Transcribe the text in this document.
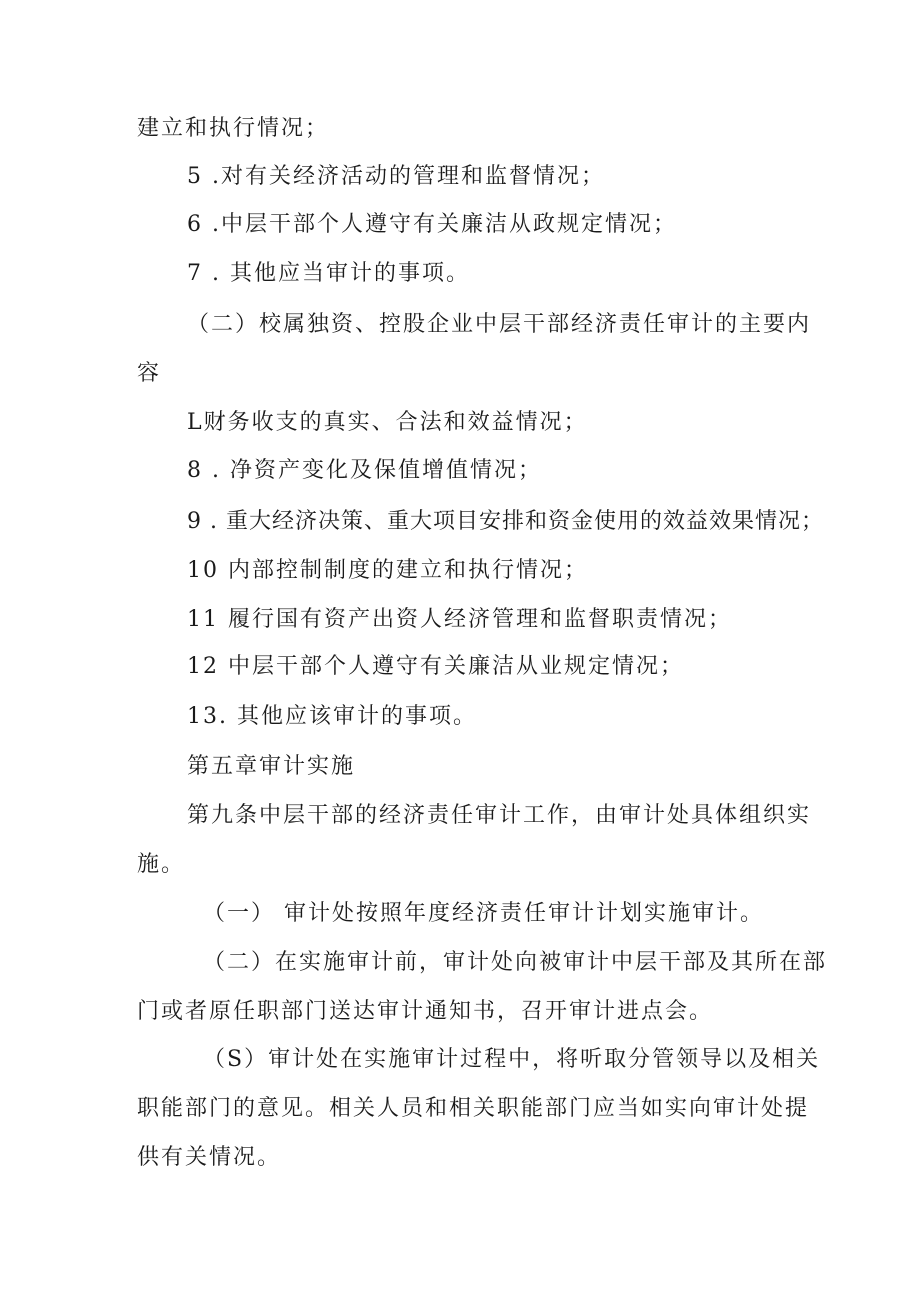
建立和执行情况；
5 .对有关经济活动的管理和监督情况；
6 .中层干部个人遵守有关廉洁从政规定情况；
7 . 其他应当审计的事项。
（二）校属独资、控股企业中层干部经济责任审计的主要内
容
L财务收支的真实、合法和效益情况；
8 . 净资产变化及保值增值情况；
9 . 重大经济决策、重大项目安排和资金使用的效益效果情况；
10 内部控制制度的建立和执行情况；
11 履行国有资产出资人经济管理和监督职责情况；
12 中层干部个人遵守有关廉洁从业规定情况；
13. 其他应该审计的事项。
第五章审计实施
第九条中层干部的经济责任审计工作，由审计处具体组织实
施。
（一） 审计处按照年度经济责任审计计划实施审计。
（二）在实施审计前，审计处向被审计中层干部及其所在部
门或者原任职部门送达审计通知书，召开审计进点会。
（S）审计处在实施审计过程中，将听取分管领导以及相关
职能部门的意见。相关人员和相关职能部门应当如实向审计处提
供有关情况。
